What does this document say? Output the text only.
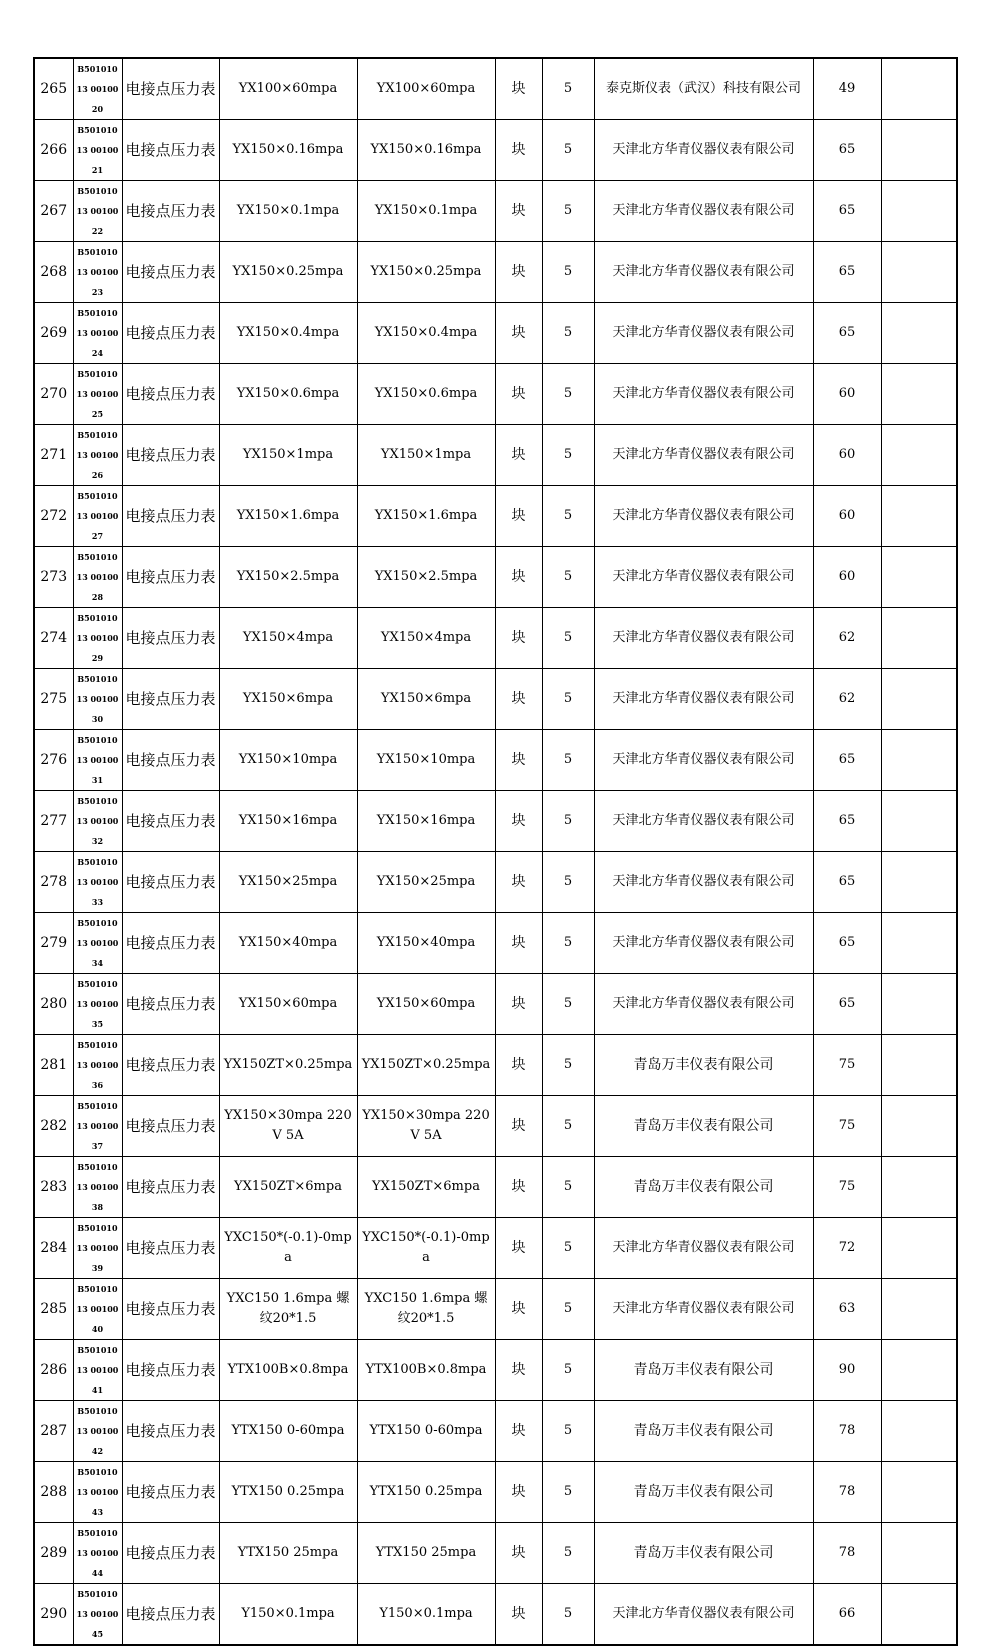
265	B50101013 0010020	电接点压力表	YX100×60mpa	YX100×60mpa	块	5	泰克斯仪表（武汉）科技有限公司	49	
266	B50101013 0010021	电接点压力表	YX150×0.16mpa	YX150×0.16mpa	块	5	天津北方华青仪器仪表有限公司	65	
267	B50101013 0010022	电接点压力表	YX150×0.1mpa	YX150×0.1mpa	块	5	天津北方华青仪器仪表有限公司	65	
268	B50101013 0010023	电接点压力表	YX150×0.25mpa	YX150×0.25mpa	块	5	天津北方华青仪器仪表有限公司	65	
269	B50101013 0010024	电接点压力表	YX150×0.4mpa	YX150×0.4mpa	块	5	天津北方华青仪器仪表有限公司	65	
270	B50101013 0010025	电接点压力表	YX150×0.6mpa	YX150×0.6mpa	块	5	天津北方华青仪器仪表有限公司	60	
271	B50101013 0010026	电接点压力表	YX150×1mpa	YX150×1mpa	块	5	天津北方华青仪器仪表有限公司	60	
272	B50101013 0010027	电接点压力表	YX150×1.6mpa	YX150×1.6mpa	块	5	天津北方华青仪器仪表有限公司	60	
273	B50101013 0010028	电接点压力表	YX150×2.5mpa	YX150×2.5mpa	块	5	天津北方华青仪器仪表有限公司	60	
274	B50101013 0010029	电接点压力表	YX150×4mpa	YX150×4mpa	块	5	天津北方华青仪器仪表有限公司	62	
275	B50101013 0010030	电接点压力表	YX150×6mpa	YX150×6mpa	块	5	天津北方华青仪器仪表有限公司	62	
276	B50101013 0010031	电接点压力表	YX150×10mpa	YX150×10mpa	块	5	天津北方华青仪器仪表有限公司	65	
277	B50101013 0010032	电接点压力表	YX150×16mpa	YX150×16mpa	块	5	天津北方华青仪器仪表有限公司	65	
278	B50101013 0010033	电接点压力表	YX150×25mpa	YX150×25mpa	块	5	天津北方华青仪器仪表有限公司	65	
279	B50101013 0010034	电接点压力表	YX150×40mpa	YX150×40mpa	块	5	天津北方华青仪器仪表有限公司	65	
280	B50101013 0010035	电接点压力表	YX150×60mpa	YX150×60mpa	块	5	天津北方华青仪器仪表有限公司	65	
281	B50101013 0010036	电接点压力表	YX150ZT×0.25mpa	YX150ZT×0.25mpa	块	5	青岛万丰仪表有限公司	75	
282	B50101013 0010037	电接点压力表	YX150×30mpa 220V 5A	YX150×30mpa 220V 5A	块	5	青岛万丰仪表有限公司	75	
283	B50101013 0010038	电接点压力表	YX150ZT×6mpa	YX150ZT×6mpa	块	5	青岛万丰仪表有限公司	75	
284	B50101013 0010039	电接点压力表	YXC150*(-0.1)-0mpa	YXC150*(-0.1)-0mpa	块	5	天津北方华青仪器仪表有限公司	72	
285	B50101013 0010040	电接点压力表	YXC150 1.6mpa 螺纹20*1.5	YXC150 1.6mpa 螺纹20*1.5	块	5	天津北方华青仪器仪表有限公司	63	
286	B50101013 0010041	电接点压力表	YTX100B×0.8mpa	YTX100B×0.8mpa	块	5	青岛万丰仪表有限公司	90	
287	B50101013 0010042	电接点压力表	YTX150 0-60mpa	YTX150 0-60mpa	块	5	青岛万丰仪表有限公司	78	
288	B50101013 0010043	电接点压力表	YTX150 0.25mpa	YTX150 0.25mpa	块	5	青岛万丰仪表有限公司	78	
289	B50101013 0010044	电接点压力表	YTX150 25mpa	YTX150 25mpa	块	5	青岛万丰仪表有限公司	78	
290	B50101013 0010045	电接点压力表	Y150×0.1mpa	Y150×0.1mpa	块	5	天津北方华青仪器仪表有限公司	66	
